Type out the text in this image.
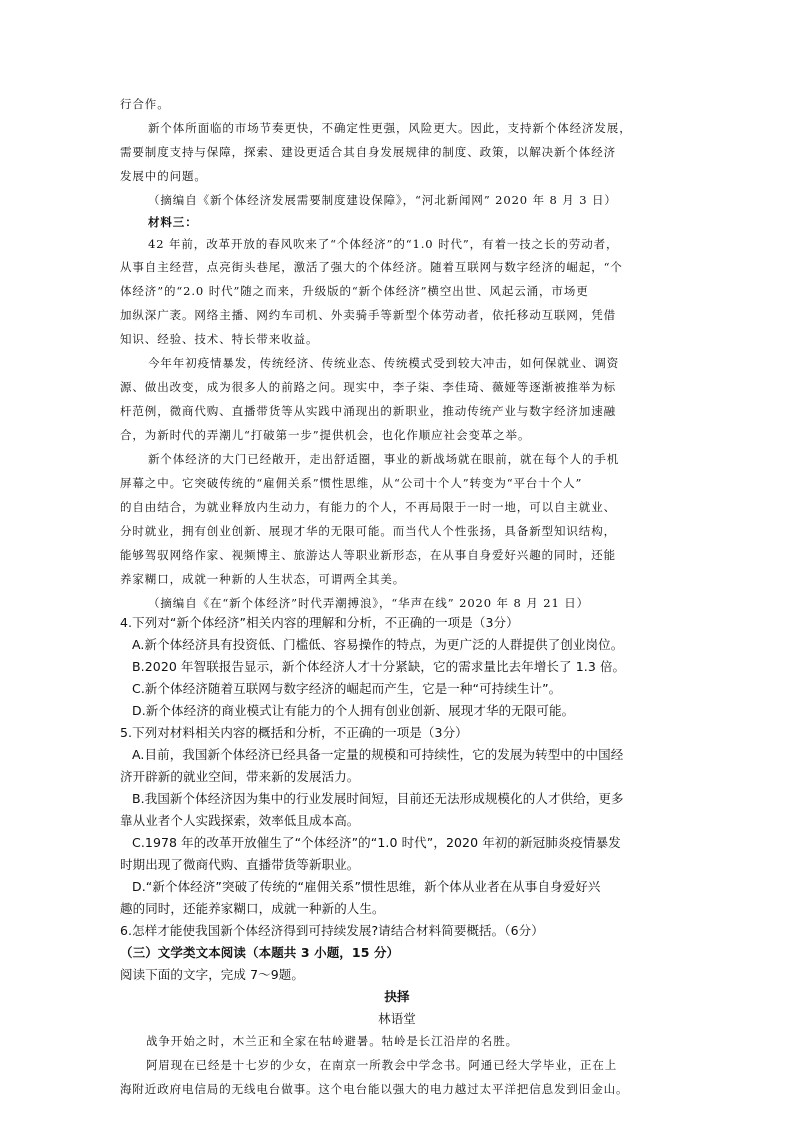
行合作。
新个体所面临的市场节奏更快，不确定性更强，风险更大。因此，支持新个体经济发展，
需要制度支持与保障，探索、建设更适合其自身发展规律的制度、政策，以解决新个体经济
发展中的问题。
（摘编自《新个体经济发展需要制度建设保障》，“河北新闻网” 2020 年 8 月 3 日）
材料三：
42 年前，改革开放的春风吹来了“个体经济”的“1.0 时代”，有着一技之长的劳动者，
从事自主经营，点亮街头巷尾，激活了强大的个体经济。随着互联网与数字经济的崛起，“个
体经济”的“2.0 时代”随之而来，升级版的“新个体经济”横空出世、风起云涌，市场更
加纵深广袤。网络主播、网约车司机、外卖骑手等新型个体劳动者，依托移动互联网，凭借
知识、经验、技术、特长带来收益。
今年年初疫情暴发，传统经济、传统业态、传统模式受到较大冲击，如何保就业、调资
源、做出改变，成为很多人的前路之问。现实中，李子柒、李佳琦、薇娅等逐渐被推举为标
杆范例，微商代购、直播带货等从实践中涌现出的新职业，推动传统产业与数字经济加速融
合，为新时代的弄潮儿“打破第一步”提供机会，也化作顺应社会变革之举。
新个体经济的大门已经敞开，走出舒适圈，事业的新战场就在眼前，就在每个人的手机
屏幕之中。它突破传统的“雇佣关系”惯性思维，从“公司十个人”转变为“平台十个人”
的自由结合，为就业释放内生动力，有能力的个人，不再局限于一时一地，可以自主就业、
分时就业，拥有创业创新、展现才华的无限可能。而当代人个性张扬，具备新型知识结构，
能够驾驭网络作家、视频博主、旅游达人等职业新形态，在从事自身爱好兴趣的同时，还能
养家糊口，成就一种新的人生状态，可谓两全其美。
（摘编自《在“新个体经济”时代弄潮搏浪》，“华声在线” 2020 年 8 月 21 日）
4.下列对“新个体经济”相关内容的理解和分析，不正确的一项是（3分）
A.新个体经济具有投资低、门槛低、容易操作的特点，为更广泛的人群提供了创业岗位。
B.2020 年智联报告显示，新个体经济人才十分紧缺，它的需求量比去年增长了 1.3 倍。
C.新个体经济随着互联网与数字经济的崛起而产生，它是一种“可持续生计”。
D.新个体经济的商业模式让有能力的个人拥有创业创新、展现才华的无限可能。
5.下列对材料相关内容的概括和分析，不正确的一项是（3分）
A.目前，我国新个体经济已经具备一定量的规模和可持续性，它的发展为转型中的中国经
济开辟新的就业空间，带来新的发展活力。
B.我国新个体经济因为集中的行业发展时间短，目前还无法形成规模化的人才供给，更多
靠从业者个人实践探索，效率低且成本高。
C.1978 年的改革开放催生了“个体经济”的“1.0 时代”，2020 年初的新冠肺炎疫情暴发
时期出现了微商代购、直播带货等新职业。
D.“新个体经济”突破了传统的“雇佣关系”惯性思维，新个体从业者在从事自身爱好兴
趣的同时，还能养家糊口，成就一种新的人生。
6.怎样才能使我国新个体经济得到可持续发展?请结合材料简要概括。（6分）
（三）文学类文本阅读（本题共 3 小题，15 分）
阅读下面的文字，完成 7～9题。
抉择
林语堂
战争开始之时，木兰正和全家在牯岭避暑。牯岭是长江沿岸的名胜。
阿眉现在已经是十七岁的少女，在南京一所教会中学念书。阿通已经大学毕业，正在上
海附近政府电信局的无线电台做事。这个电台能以强大的电力越过太平洋把信息发到旧金山。
